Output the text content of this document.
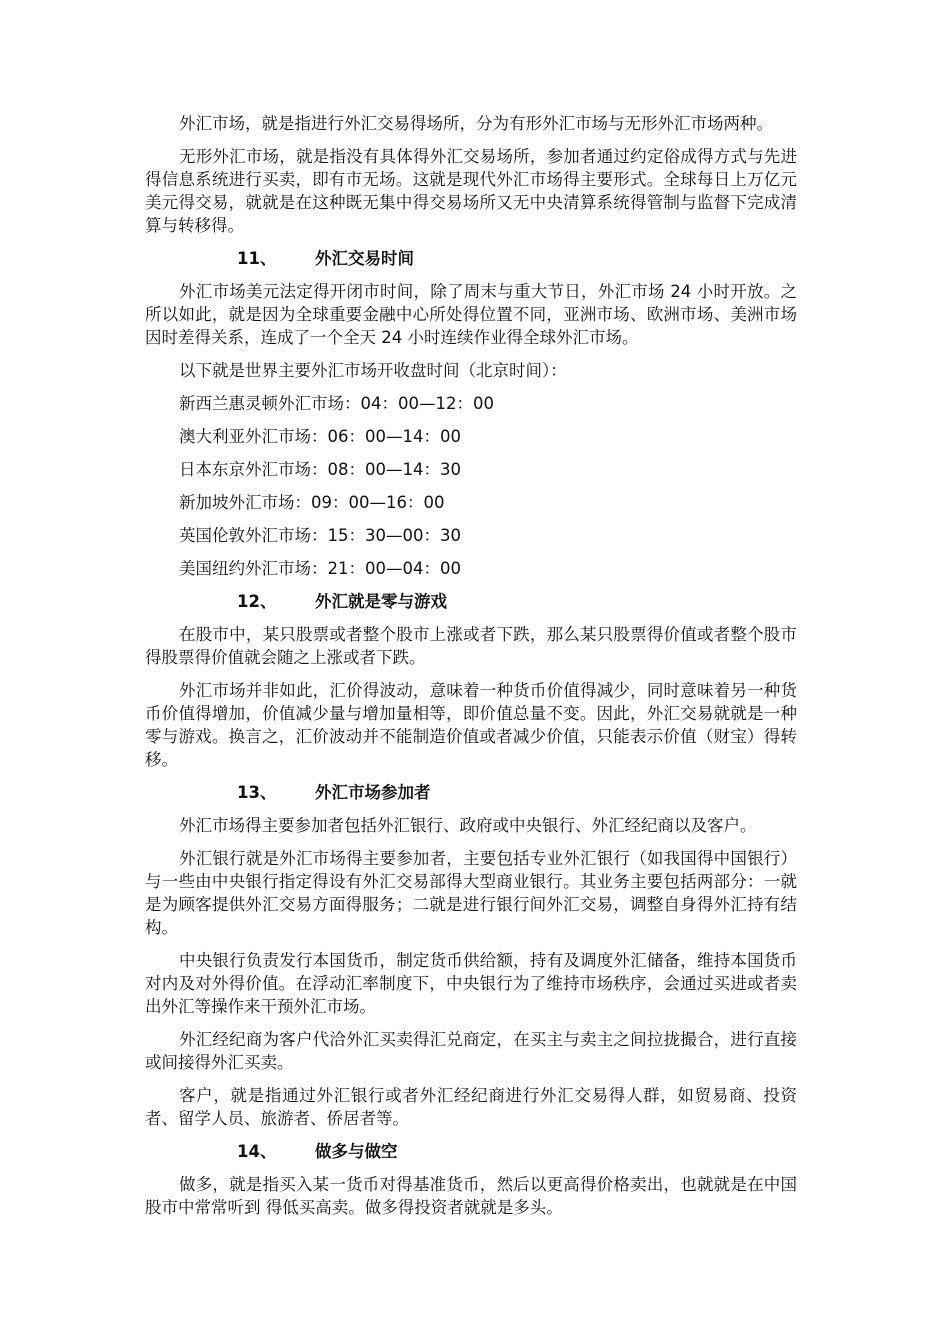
外汇市场，就是指进行外汇交易得场所，分为有形外汇市场与无形外汇市场两种。

无形外汇市场，就是指没有具体得外汇交易场所，参加者通过约定俗成得方式与先进得信息系统进行买卖，即有市无场。这就是现代外汇市场得主要形式。全球每日上万亿元美元得交易，就就是在这种既无集中得交易场所又无中央清算系统得管制与监督下完成清算与转移得。

11、	外汇交易时间

外汇市场美元法定得开闭市时间，除了周末与重大节日，外汇市场 24 小时开放。之所以如此，就是因为全球重要金融中心所处得位置不同，亚洲市场、欧洲市场、美洲市场因时差得关系，连成了一个全天 24 小时连续作业得全球外汇市场。

以下就是世界主要外汇市场开收盘时间（北京时间）：
新西兰惠灵顿外汇市场：04：00—12：00
澳大利亚外汇市场：06：00—14：00
日本东京外汇市场：08：00—14：30
新加坡外汇市场：09：00—16：00
英国伦敦外汇市场：15：30—00：30
美国纽约外汇市场：21：00—04：00
12、	外汇就是零与游戏

在股市中，某只股票或者整个股市上涨或者下跌，那么某只股票得价值或者整个股市得股票得价值就会随之上涨或者下跌。

外汇市场并非如此，汇价得波动，意味着一种货币价值得减少，同时意味着另一种货币价值得增加，价值减少量与增加量相等，即价值总量不变。因此，外汇交易就就是一种零与游戏。换言之，汇价波动并不能制造价值或者减少价值，只能表示价值（财宝）得转移。

13、	外汇市场参加者

外汇市场得主要参加者包括外汇银行、政府或中央银行、外汇经纪商以及客户。

外汇银行就是外汇市场得主要参加者，主要包括专业外汇银行（如我国得中国银行）与一些由中央银行指定得设有外汇交易部得大型商业银行。其业务主要包括两部分：一就是为顾客提供外汇交易方面得服务；二就是进行银行间外汇交易，调整自身得外汇持有结构。

中央银行负责发行本国货币，制定货币供给额，持有及调度外汇储备，维持本国货币对内及对外得价值。在浮动汇率制度下，中央银行为了维持市场秩序，会通过买进或者卖出外汇等操作来干预外汇市场。

外汇经纪商为客户代洽外汇买卖得汇兑商定，在买主与卖主之间拉拢撮合，进行直接或间接得外汇买卖。

客户，就是指通过外汇银行或者外汇经纪商进行外汇交易得人群，如贸易商、投资者、留学人员、旅游者、侨居者等。

14、	做多与做空

做多，就是指买入某一货币对得基准货币，然后以更高得价格卖出，也就就是在中国股市中常常听到 得低买高卖。做多得投资者就就是多头。
